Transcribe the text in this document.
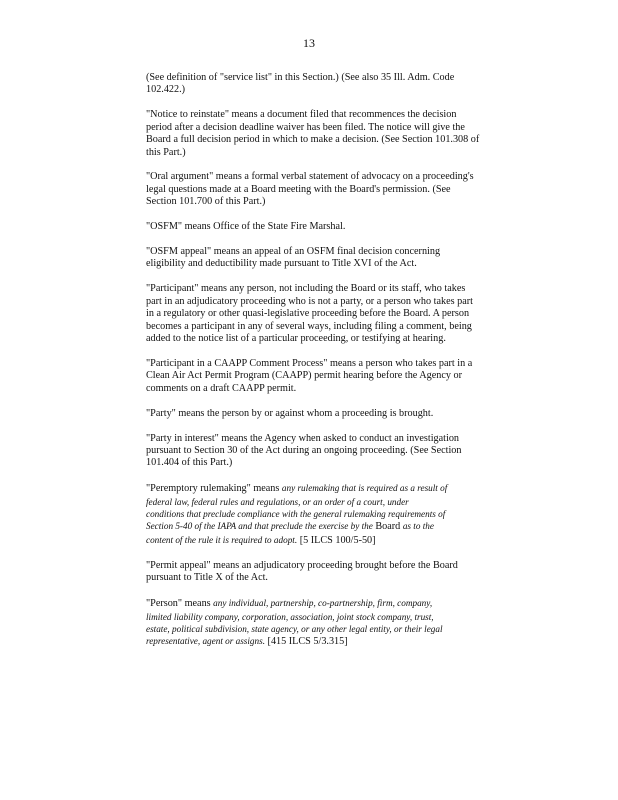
13

(See definition of "service list" in this Section.) (See also 35 Ill. Adm. Code
102.422.)

"Notice to reinstate" means a document filed that recommences the decision
period after a decision deadline waiver has been filed. The notice will give the
Board a full decision period in which to make a decision. (See Section 101.308 of
this Part.)

"Oral argument" means a formal verbal statement of advocacy on a proceeding's
legal questions made at a Board meeting with the Board's permission. (See
Section 101.700 of this Part.)

"OSFM" means Office of the State Fire Marshal.

"OSFM appeal" means an appeal of an OSFM final decision concerning
eligibility and deductibility made pursuant to Title XVI of the Act.

"Participant" means any person, not including the Board or its staff, who takes
part in an adjudicatory proceeding who is not a party, or a person who takes part
in a regulatory or other quasi-legislative proceeding before the Board. A person
becomes a participant in any of several ways, including filing a comment, being
added to the notice list of a particular proceeding, or testifying at hearing.

"Participant in a CAAPP Comment Process" means a person who takes part in a
Clean Air Act Permit Program (CAAPP) permit hearing before the Agency or
comments on a draft CAAPP permit.

"Party" means the person by or against whom a proceeding is brought.

"Party in interest" means the Agency when asked to conduct an investigation
pursuant to Section 30 of the Act during an ongoing proceeding. (See Section
101.404 of this Part.)

"Peremptory rulemaking" means any rulemaking that is required as a result of
federal law, federal rules and regulations, or an order of a court, under
conditions that preclude compliance with the general rulemaking requirements of
Section 5-40 of the IAPA and that preclude the exercise by the Board as to the
content of the rule it is required to adopt. [5 ILCS 100/5-50]

"Permit appeal" means an adjudicatory proceeding brought before the Board
pursuant to Title X of the Act.

"Person" means any individual, partnership, co-partnership, firm, company,
limited liability company, corporation, association, joint stock company, trust,
estate, political subdivision, state agency, or any other legal entity, or their legal
representative, agent or assigns. [415 ILCS 5/3.315]
